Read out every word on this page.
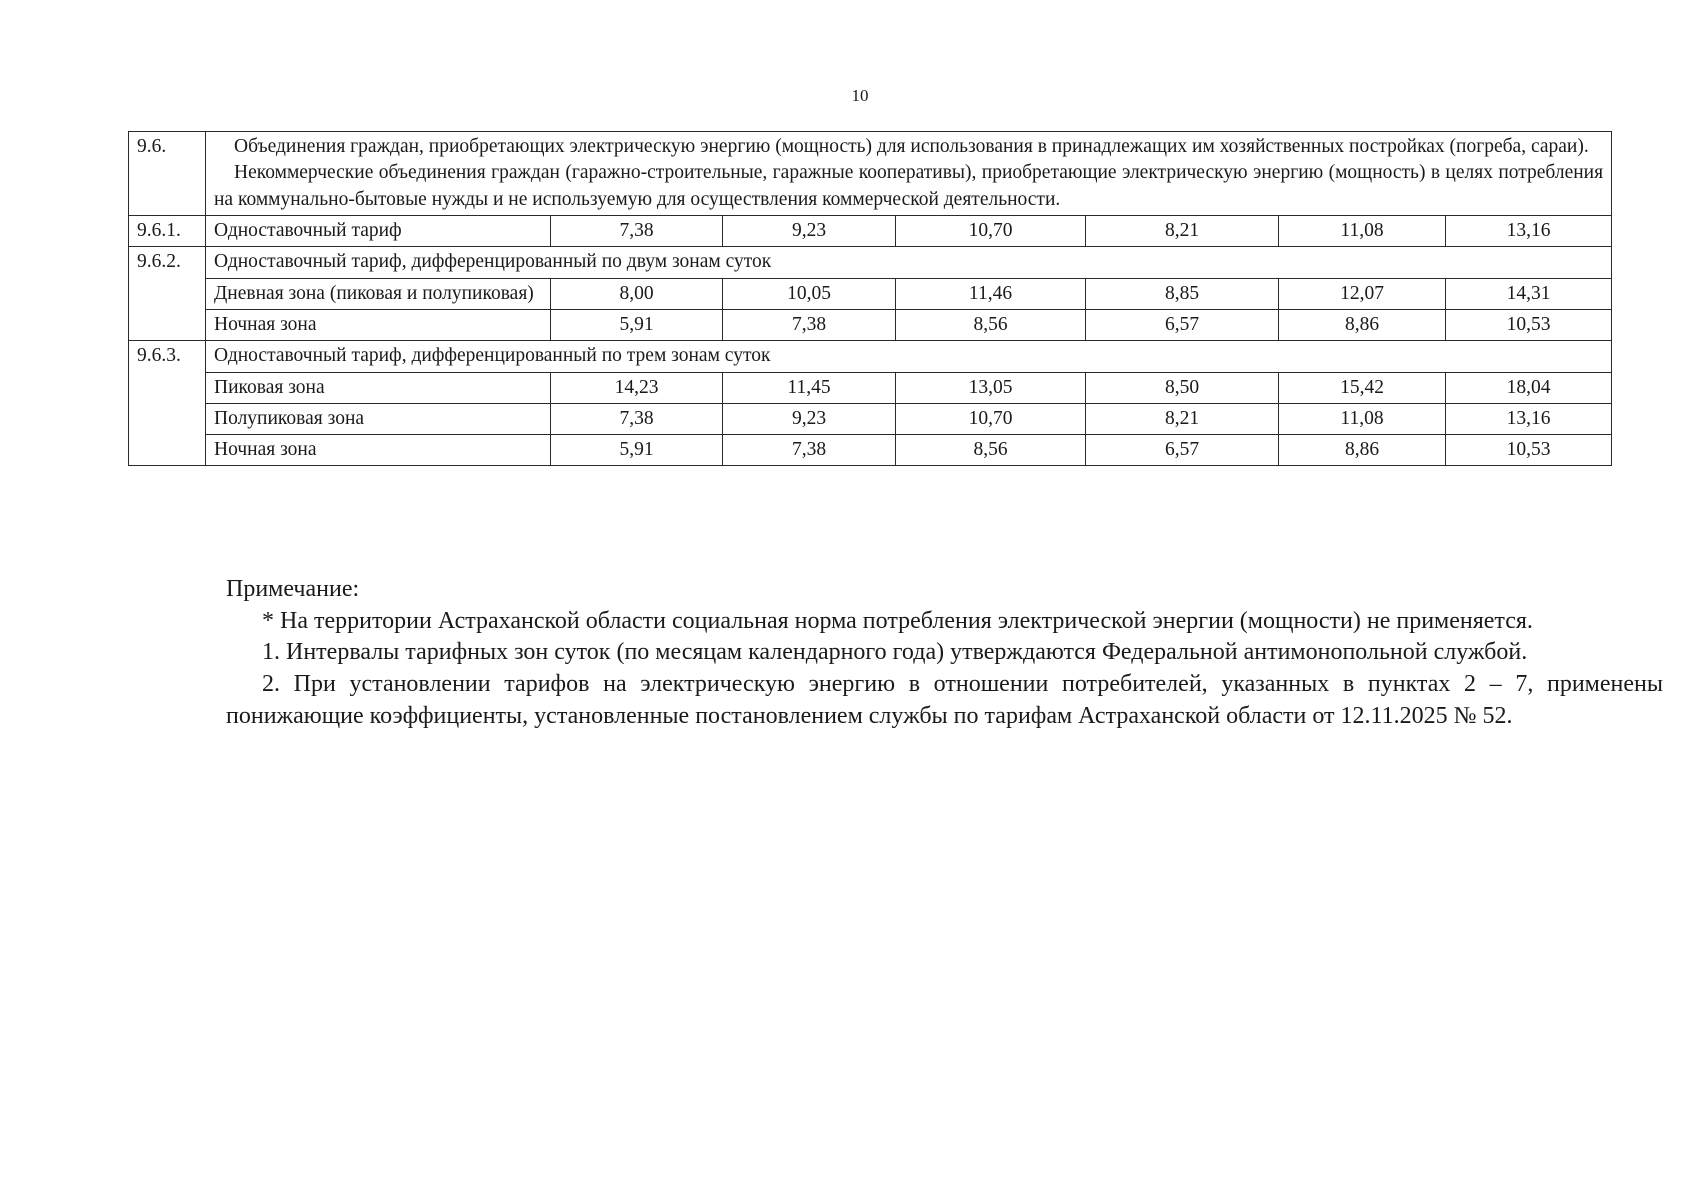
10
9.6.	Объединения граждан, приобретающих электрическую энергию (мощность) для использования в принадлежащих им хозяйственных постройках (погреба, сараи).

Некоммерческие объединения граждан (гаражно-строительные, гаражные кооперативы), приобретающие электрическую энергию (мощность) в целях потребления на коммунально-бытовые нужды и не используемую для осуществления коммерческой деятельности.						

9.6.1.	Одноставочный тариф	7,38	9,23	10,70	8,21	11,08	13,16
9.6.2.	Одноставочный тариф, дифференцированный по двум зонам суток						
	Дневная зона (пиковая и полупиковая)	8,00	10,05	11,46	8,85	12,07	14,31
	Ночная зона	5,91	7,38	8,56	6,57	8,86	10,53
9.6.3.	Одноставочный тариф, дифференцированный по трем зонам суток						
	Пиковая зона	14,23	11,45	13,05	8,50	15,42	18,04
	Полупиковая зона	7,38	9,23	10,70	8,21	11,08	13,16
	Ночная зона	5,91	7,38	8,56	6,57	8,86	10,53

Примечание:

* На территории Астраханской области социальная норма потребления электрической энергии (мощности) не применяется.

1. Интервалы тарифных зон суток (по месяцам календарного года) утверждаются Федеральной антимонопольной службой.

2. При установлении тарифов на электрическую энергию в отношении потребителей, указанных в пунктах 2 – 7, применены понижающие коэффициенты, установленные постановлением службы по тарифам Астраханской области от 12.11.2025 № 52.
